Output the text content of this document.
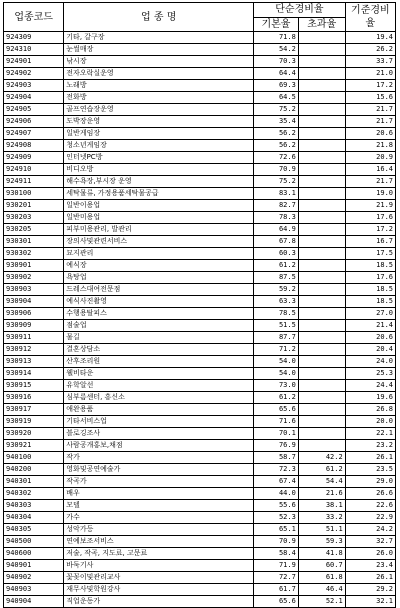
업종코드	업 종 명	단순경비율		기준경비율
		기본율	초과율	
924309	기타, 갈구장	71.8		19.4
924310	눈썰매장	54.2		26.2
924901	낚시장	70.3		33.7
924902	전자오락실운영	64.4		21.0
924903	노래방	69.3		17.2
924904	전화방	64.5		15.6
924905	골프연습장운영	75.2		21.7
924906	도박장운영	35.4		21.7
924907	일반게임장	56.2		20.6
924908	청소년게임장	56.2		21.8
924909	인터넷PC방	72.6		20.9
924910	비디오방	70.9		16.4
924911	해수욕장,부시장 운영	75.2		21.7
930100	세탁물류, 가정용품세탁물공급	83.1		19.0
930201	일반이용업	82.7		21.9
930203	일반미용업	78.3		17.6
930205	피부미용관리, 발관리	64.9		17.2
930301	장의사및관련서비스	67.8		16.7
930302	묘지관리	60.3		17.5
930901	예식장	61.2		18.5
930902	욕탕업	87.5		17.6
930903	드레스대여전문점	59.2		18.5
930904	예식사진촬영	63.3		18.5
930906	수행용탈피스	78.5		27.0
930909	점술업	51.5		21.4
930911	물길	87.7		20.6
930912	결혼상담소	71.2		20.4
930913	산후조리원	54.0		24.0
930914	웰비타운	54.0		25.3
930915	유학알선	73.0		24.4
930916	심부름센터, 흥신소	61.2		19.6
930917	애완용품	65.6		26.8
930919	기타서비스업	71.6		20.0
930920	블로깅조사	70.1		22.1
930921	사람공개홍보,채점	76.9		23.2
940100	작가	58.7	42.2	26.1
940200	영화및공연예술가	72.3	61.2	23.5
940301	작곡가	67.4	54.4	29.0
940302	배우	44.0	21.6	26.6
940303	모델	55.6	38.1	22.6
940304	가수	52.3	33.2	22.9
940305	성악가등	65.1	51.1	24.2
940500	연예보조서비스	70.9	59.3	32.7
940600	저술, 작곡, 지도료, 고문료	58.4	41.8	26.0
940901	바둑기사	71.9	60.7	23.4
940902	꽃꽂이및관리교사	72.7	61.8	26.1
940903	재무사및학원강사	61.7	46.4	29.2
940904	직업운동가	65.6	52.1	32.1
